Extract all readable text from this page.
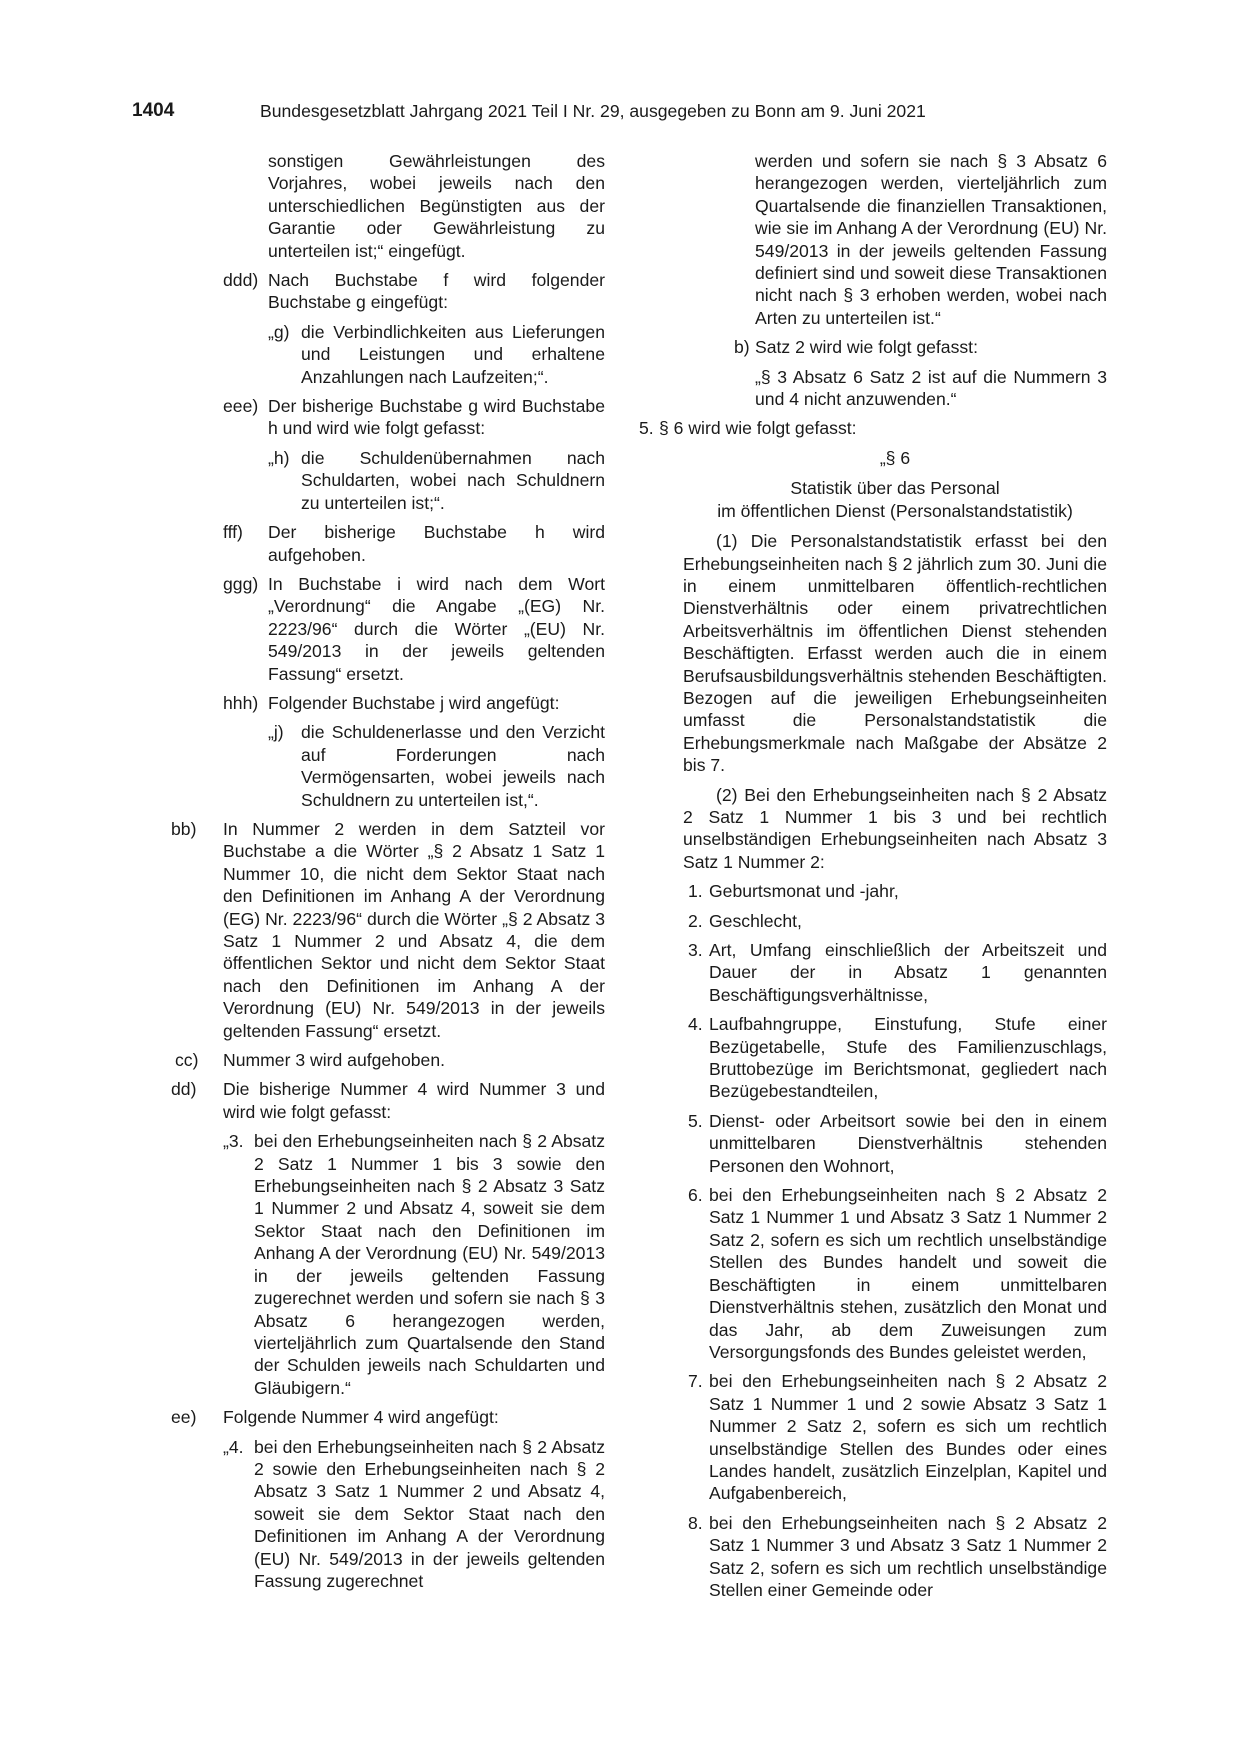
1404	Bundesgesetzblatt Jahrgang 2021 Teil I Nr. 29, ausgegeben zu Bonn am 9. Juni 2021
sonstigen Gewährleistungen des Vorjahres, wobei jeweils nach den unterschiedlichen Begünstigten aus der Garantie oder Gewährleistung zu unterteilen ist;“ eingefügt.
ddd) Nach Buchstabe f wird folgender Buchstabe g eingefügt:
„g) die Verbindlichkeiten aus Lieferungen und Leistungen und erhaltene Anzahlungen nach Laufzeiten;“.
eee) Der bisherige Buchstabe g wird Buchstabe h und wird wie folgt gefasst:
„h) die Schuldenübernahmen nach Schuldarten, wobei nach Schuldnern zu unterteilen ist;“.
fff) Der bisherige Buchstabe h wird aufgehoben.
ggg) In Buchstabe i wird nach dem Wort „Verordnung“ die Angabe „(EG) Nr. 2223/96“ durch die Wörter „(EU) Nr. 549/2013 in der jeweils geltenden Fassung“ ersetzt.
hhh) Folgender Buchstabe j wird angefügt:
„j) die Schuldenerlasse und den Verzicht auf Forderungen nach Vermögensarten, wobei jeweils nach Schuldnern zu unterteilen ist,“.
bb) In Nummer 2 werden in dem Satzteil vor Buchstabe a die Wörter „§ 2 Absatz 1 Satz 1 Nummer 10, die nicht dem Sektor Staat nach den Definitionen im Anhang A der Verordnung (EG) Nr. 2223/96“ durch die Wörter „§ 2 Absatz 3 Satz 1 Nummer 2 und Absatz 4, die dem öffentlichen Sektor und nicht dem Sektor Staat nach den Definitionen im Anhang A der Verordnung (EU) Nr. 549/2013 in der jeweils geltenden Fassung“ ersetzt.
cc) Nummer 3 wird aufgehoben.
dd) Die bisherige Nummer 4 wird Nummer 3 und wird wie folgt gefasst:
„3. bei den Erhebungseinheiten nach § 2 Absatz 2 Satz 1 Nummer 1 bis 3 sowie den Erhebungseinheiten nach § 2 Absatz 3 Satz 1 Nummer 2 und Absatz 4, soweit sie dem Sektor Staat nach den Definitionen im Anhang A der Verordnung (EU) Nr. 549/2013 in der jeweils geltenden Fassung zugerechnet werden und sofern sie nach § 3 Absatz 6 herangezogen werden, vierteljährlich zum Quartalsende den Stand der Schulden jeweils nach Schuldarten und Gläubigern.“
ee) Folgende Nummer 4 wird angefügt:
„4. bei den Erhebungseinheiten nach § 2 Absatz 2 sowie den Erhebungseinheiten nach § 2 Absatz 3 Satz 1 Nummer 2 und Absatz 4, soweit sie dem Sektor Staat nach den Definitionen im Anhang A der Verordnung (EU) Nr. 549/2013 in der jeweils geltenden Fassung zugerechnet
werden und sofern sie nach § 3 Absatz 6 herangezogen werden, vierteljährlich zum Quartalsende die finanziellen Transaktionen, wie sie im Anhang A der Verordnung (EU) Nr. 549/2013 in der jeweils geltenden Fassung definiert sind und soweit diese Transaktionen nicht nach § 3 erhoben werden, wobei nach Arten zu unterteilen ist.“
b) Satz 2 wird wie folgt gefasst:
„§ 3 Absatz 6 Satz 2 ist auf die Nummern 3 und 4 nicht anzuwenden.“
5. § 6 wird wie folgt gefasst:

„§ 6

Statistik über das Personal

im öffentlichen Dienst (Personalstandstatistik)

(1) Die Personalstandstatistik erfasst bei den Erhebungseinheiten nach § 2 jährlich zum 30. Juni die in einem unmittelbaren öffentlich-rechtlichen Dienstverhältnis oder einem privatrechtlichen Arbeitsverhältnis im öffentlichen Dienst stehenden Beschäftigten. Erfasst werden auch die in einem Berufsausbildungsverhältnis stehenden Beschäftigten. Bezogen auf die jeweiligen Erhebungseinheiten umfasst die Personalstandstatistik die Erhebungsmerkmale nach Maßgabe der Absätze 2 bis 7.

(2) Bei den Erhebungseinheiten nach § 2 Absatz 2 Satz 1 Nummer 1 bis 3 und bei rechtlich unselbständigen Erhebungseinheiten nach Absatz 3 Satz 1 Nummer 2:

1. Geburtsmonat und -jahr,
2. Geschlecht,
3. Art, Umfang einschließlich der Arbeitszeit und Dauer der in Absatz 1 genannten Beschäftigungsverhältnisse,
4. Laufbahngruppe, Einstufung, Stufe einer Bezügetabelle, Stufe des Familienzuschlags, Bruttobezüge im Berichtsmonat, gegliedert nach Bezügebestandteilen,
5. Dienst- oder Arbeitsort sowie bei den in einem unmittelbaren Dienstverhältnis stehenden Personen den Wohnort,
6. bei den Erhebungseinheiten nach § 2 Absatz 2 Satz 1 Nummer 1 und Absatz 3 Satz 1 Nummer 2 Satz 2, sofern es sich um rechtlich unselbständige Stellen des Bundes handelt und soweit die Beschäftigten in einem unmittelbaren Dienstverhältnis stehen, zusätzlich den Monat und das Jahr, ab dem Zuweisungen zum Versorgungsfonds des Bundes geleistet werden,
7. bei den Erhebungseinheiten nach § 2 Absatz 2 Satz 1 Nummer 1 und 2 sowie Absatz 3 Satz 1 Nummer 2 Satz 2, sofern es sich um rechtlich unselbständige Stellen des Bundes oder eines Landes handelt, zusätzlich Einzelplan, Kapitel und Aufgabenbereich,
8. bei den Erhebungseinheiten nach § 2 Absatz 2 Satz 1 Nummer 3 und Absatz 3 Satz 1 Nummer 2 Satz 2, sofern es sich um rechtlich unselbständige Stellen einer Gemeinde oder
